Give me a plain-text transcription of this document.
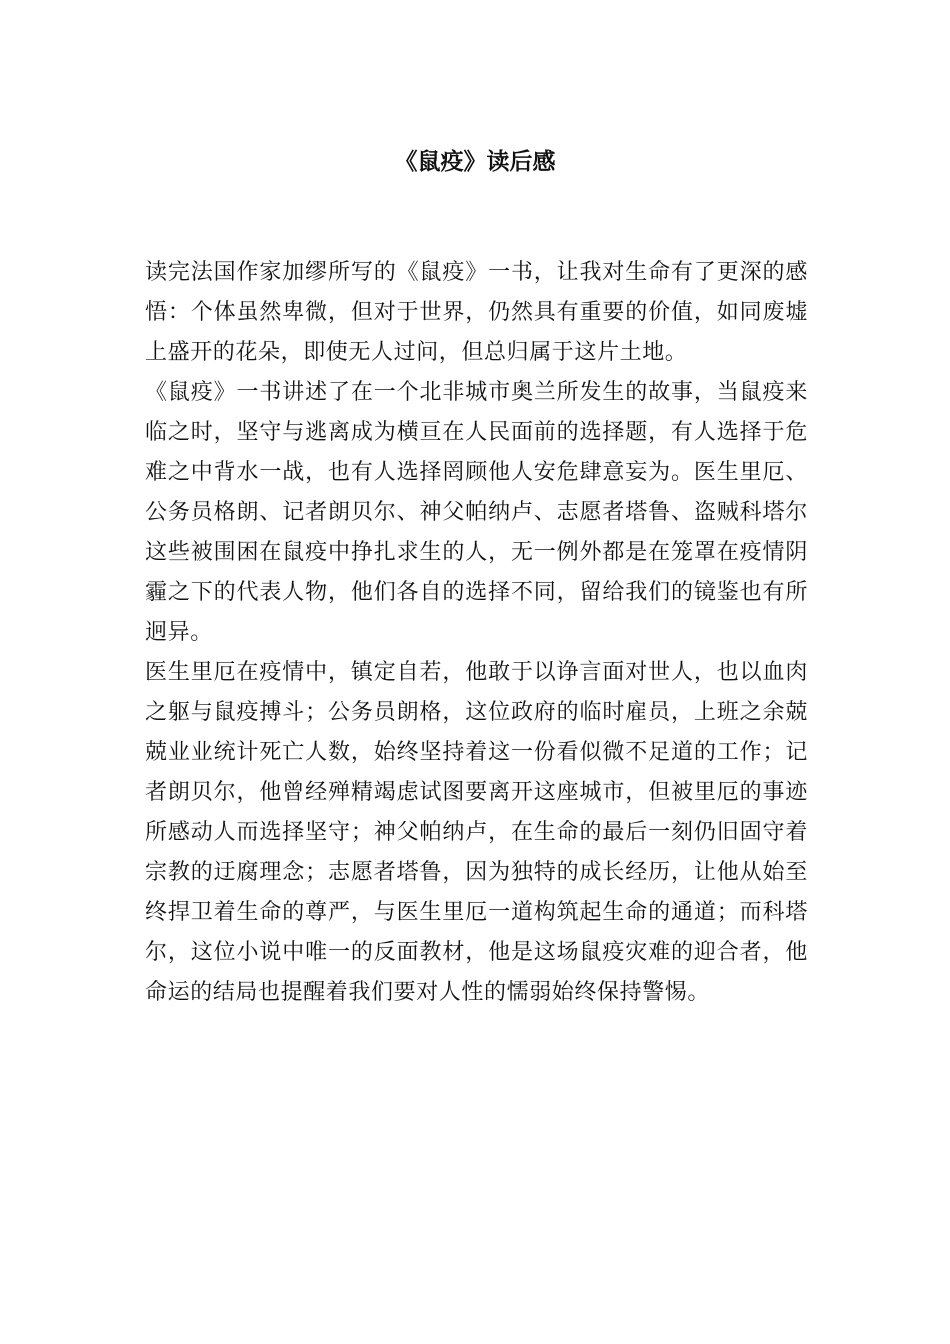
《鼠疫》读后感

读完法国作家加缪所写的《鼠疫》一书，让我对生命有了更深的感悟：个体虽然卑微，但对于世界，仍然具有重要的价值，如同废墟上盛开的花朵，即使无人过问，但总归属于这片土地。

《鼠疫》一书讲述了在一个北非城市奥兰所发生的故事，当鼠疫来临之时，坚守与逃离成为横亘在人民面前的选择题，有人选择于危难之中背水一战，也有人选择罔顾他人安危肆意妄为。医生里厄、公务员格朗、记者朗贝尔、神父帕纳卢、志愿者塔鲁、盗贼科塔尔这些被围困在鼠疫中挣扎求生的人，无一例外都是在笼罩在疫情阴霾之下的代表人物，他们各自的选择不同，留给我们的镜鉴也有所迥异。

医生里厄在疫情中，镇定自若，他敢于以诤言面对世人，也以血肉之躯与鼠疫搏斗；公务员朗格，这位政府的临时雇员，上班之余兢兢业业统计死亡人数，始终坚持着这一份看似微不足道的工作；记者朗贝尔，他曾经殚精竭虑试图要离开这座城市，但被里厄的事迹所感动人而选择坚守；神父帕纳卢，在生命的最后一刻仍旧固守着宗教的迂腐理念；志愿者塔鲁，因为独特的成长经历，让他从始至终捍卫着生命的尊严，与医生里厄一道构筑起生命的通道；而科塔尔，这位小说中唯一的反面教材，他是这场鼠疫灾难的迎合者，他命运的结局也提醒着我们要对人性的懦弱始终保持警惕。
